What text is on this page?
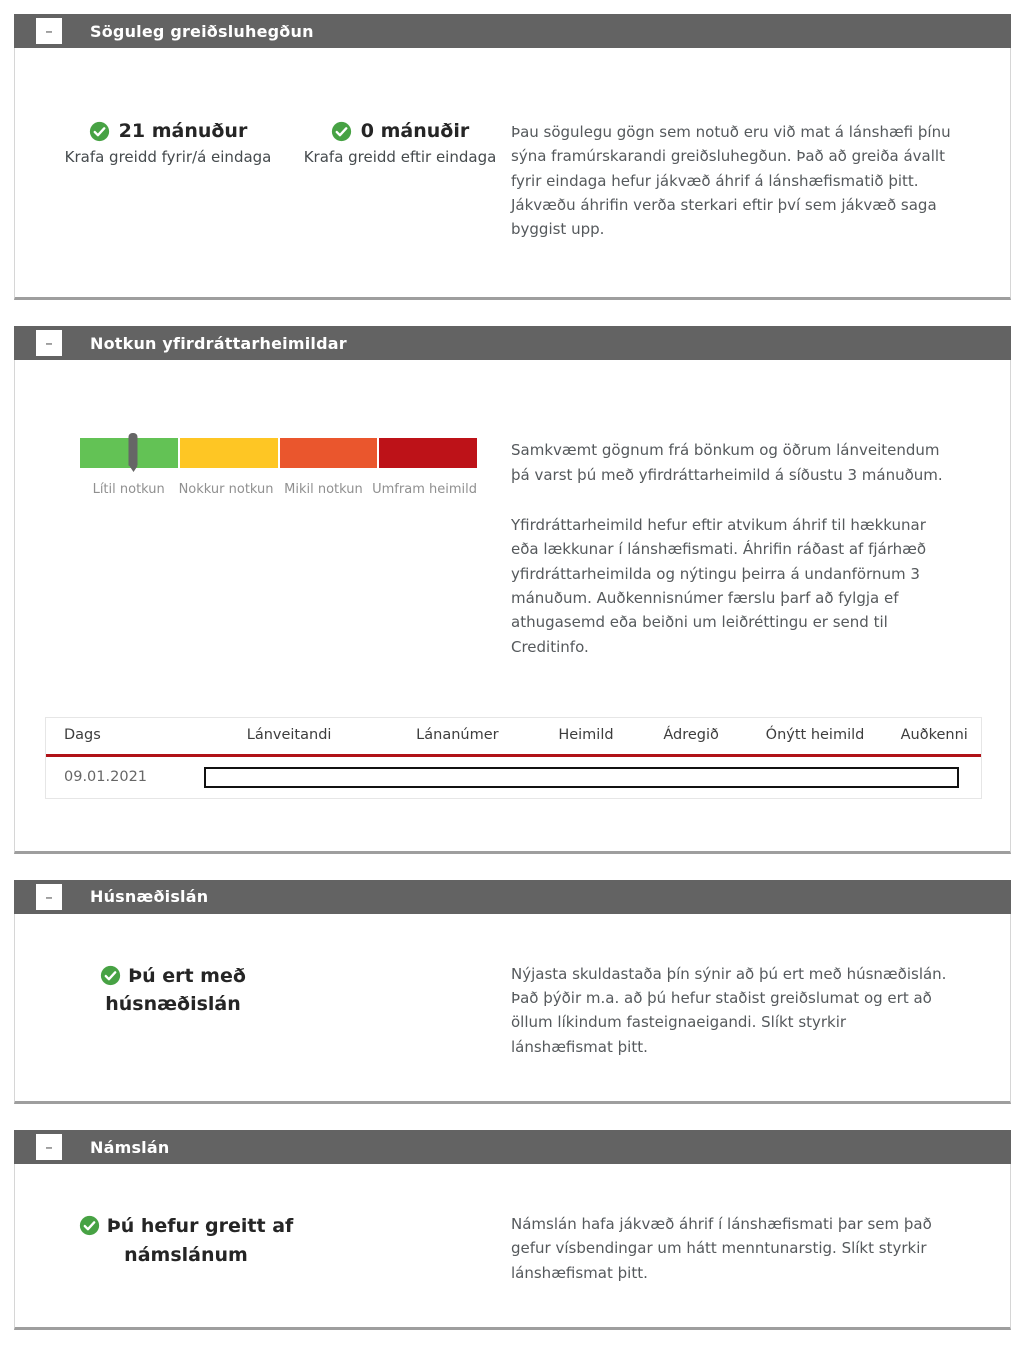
–	Söguleg greiðsluhegðun
21 mánuður
Krafa greidd fyrir/á eindaga
0 mánuðir
Krafa greidd eftir eindaga

Þau sögulegu gögn sem notuð eru við mat á lánshæfi þínu sýna framúrskarandi greiðsluhegðun. Það að greiða ávallt fyrir eindaga hefur jákvæð áhrif á lánshæfismatið þitt. Jákvæðu áhrifin verða sterkari eftir því sem jákvæð saga byggist upp.

–	Notkun yfirdráttarheimildar
Lítil notkun	Nokkur notkun Mikil notkun Umfram heimild

Samkvæmt gögnum frá bönkum og öðrum lánveitendum þá varst þú með yfirdráttarheimild á síðustu 3 mánuðum.

Yfirdráttarheimild hefur eftir atvikum áhrif til hækkunar eða lækkunar í lánshæfismati. Áhrifin ráðast af fjárhæð yfirdráttarheimilda og nýtingu þeirra á undanförnum 3 mánuðum. Auðkennisnúmer færslu þarf að fylgja ef athugasemd eða beiðni um leiðréttingu er send til Creditinfo.

Dags	Lánveitandi	Lánanúmer	Heimild	Ádregið	Ónýtt heimild	Auðkenni
09.01.2021						
–	Húsnæðislán
Þú ert með húsnæðislán

Nýjasta skuldastaða þín sýnir að þú ert með húsnæðislán. Það þýðir m.a. að þú hefur staðist greiðslumat og ert að öllum líkindum fasteignaeigandi. Slíkt styrkir lánshæfismat þitt.

–	Námslán
Þú hefur greitt af námslánum

Námslán hafa jákvæð áhrif í lánshæfismati þar sem það gefur vísbendingar um hátt menntunarstig. Slíkt styrkir lánshæfismat þitt.
